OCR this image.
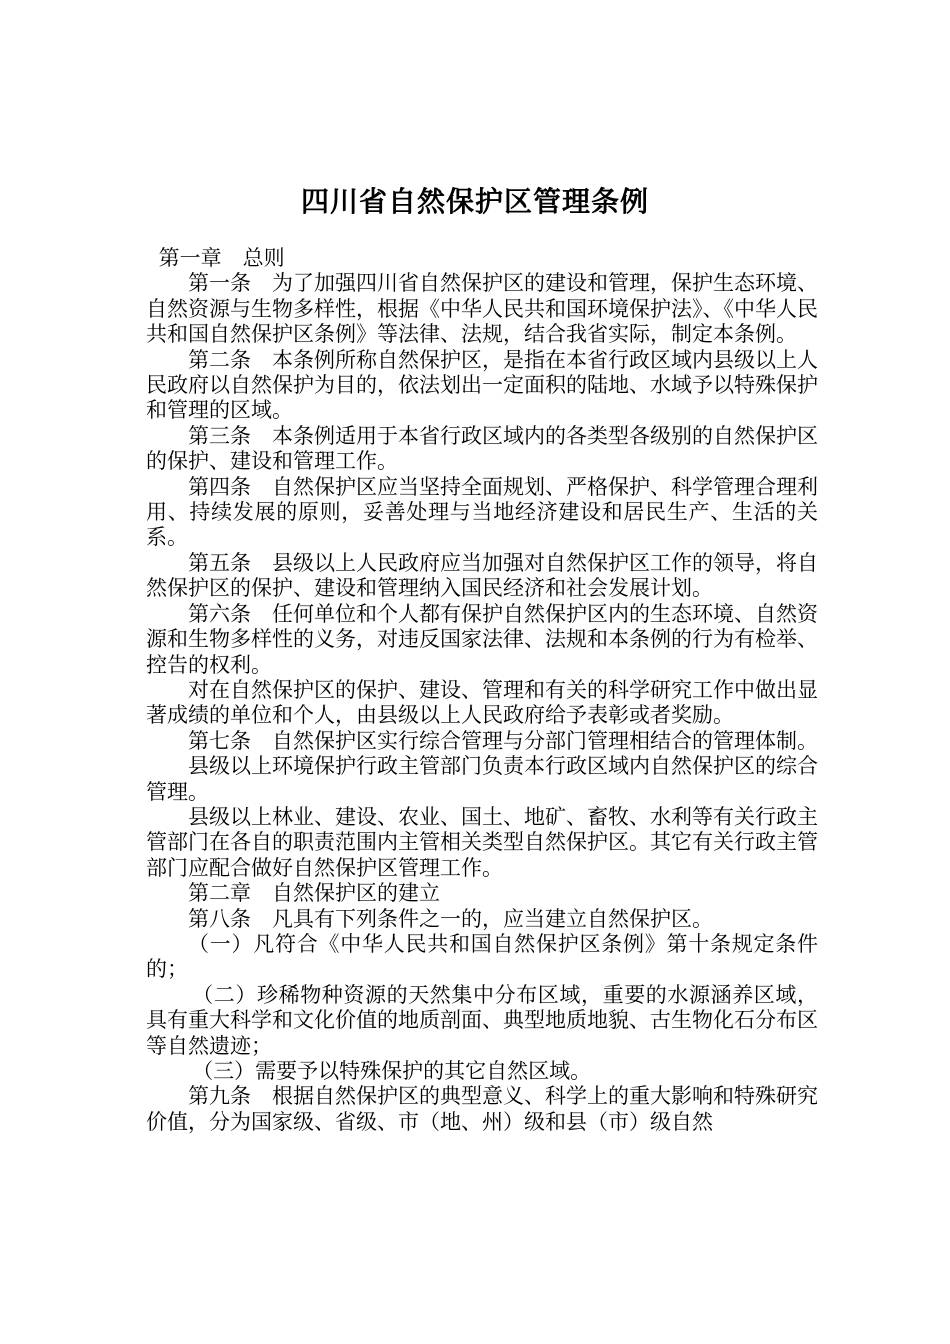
四川省自然保护区管理条例

第一章　总则

第一条　为了加强四川省自然保护区的建设和管理，保护生态环境、自然资源与生物多样性，根据《中华人民共和国环境保护法》、《中华人民共和国自然保护区条例》等法律、法规，结合我省实际，制定本条例。

第二条　本条例所称自然保护区，是指在本省行政区域内县级以上人民政府以自然保护为目的，依法划出一定面积的陆地、水域予以特殊保护和管理的区域。

第三条　本条例适用于本省行政区域内的各类型各级别的自然保护区的保护、建设和管理工作。

第四条　自然保护区应当坚持全面规划、严格保护、科学管理合理利用、持续发展的原则，妥善处理与当地经济建设和居民生产、生活的关系。

第五条　县级以上人民政府应当加强对自然保护区工作的领导，将自然保护区的保护、建设和管理纳入国民经济和社会发展计划。

第六条　任何单位和个人都有保护自然保护区内的生态环境、自然资源和生物多样性的义务，对违反国家法律、法规和本条例的行为有检举、控告的权利。

对在自然保护区的保护、建设、管理和有关的科学研究工作中做出显著成绩的单位和个人，由县级以上人民政府给予表彰或者奖励。

第七条　自然保护区实行综合管理与分部门管理相结合的管理体制。

县级以上环境保护行政主管部门负责本行政区域内自然保护区的综合管理。

县级以上林业、建设、农业、国土、地矿、畜牧、水利等有关行政主管部门在各自的职责范围内主管相关类型自然保护区。其它有关行政主管部门应配合做好自然保护区管理工作。

第二章　自然保护区的建立

第八条　凡具有下列条件之一的，应当建立自然保护区。

（一）凡符合《中华人民共和国自然保护区条例》第十条规定条件的；

（二）珍稀物种资源的天然集中分布区域，重要的水源涵养区域，具有重大科学和文化价值的地质剖面、典型地质地貌、古生物化石分布区等自然遗迹；

（三）需要予以特殊保护的其它自然区域。

第九条　根据自然保护区的典型意义、科学上的重大影响和特殊研究价值，分为国家级、省级、市（地、州）级和县（市）级自然
